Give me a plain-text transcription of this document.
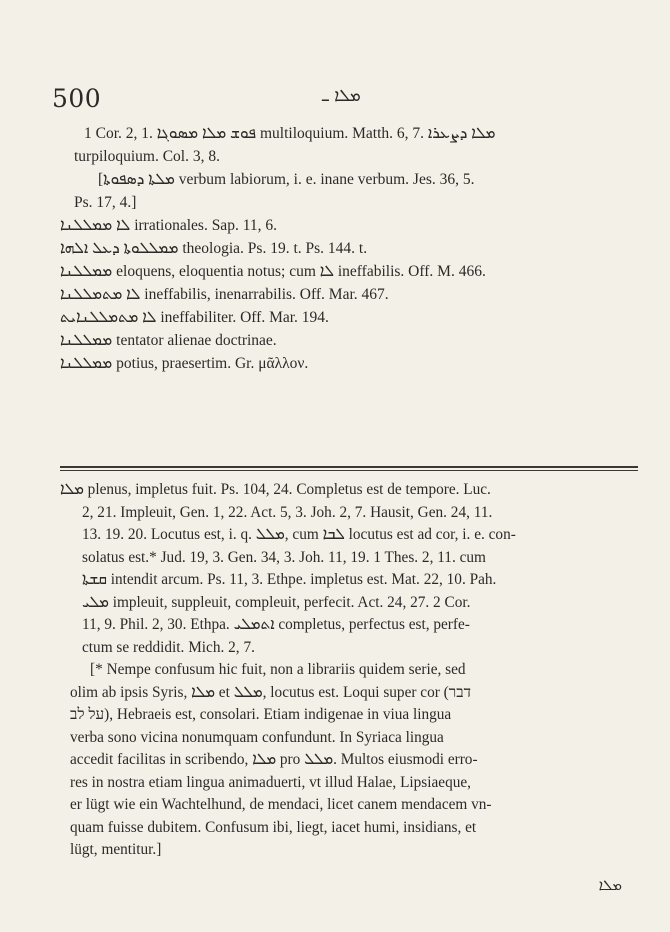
500	ܡܠܐ ـ
1 Cor. 2, 1. ܦܘܫ ܡܠܐ ܡܣܘܓܐ multiloquium. Matth. 6, 7. ܡܠܐ ܕܨܥܪܐ
turpiloquium. Col. 3, 8.
[ܡܠܬܐ ܕܣܦܘܬܐ verbum labiorum, i. e. inane verbum. Jes. 36, 5.
Ps. 17, 4.]
ܠܐ ܡܡܠܠܢܐ irrationales. Sap. 11, 6.
ܡܡܠܠܘܬܐ ܕܥܠ ܐܠܗܐ theologia. Ps. 19. t. Ps. 144. t.
ܡܡܠܠܢܐ eloquens, eloquentia notus; cum ܠܐ ineffabilis. Off. M. 466.
ܠܐ ܡܬܡܠܠܢܐ ineffabilis, inenarrabilis. Off. Mar. 467.
ܠܐ ܡܬܡܠܠܢܐܝܬ ineffabiliter. Off. Mar. 194.
ܡܡܠܠܢܐ tentator alienae doctrinae.
ܡܡܠܠܢܐ potius, praesertim. Gr. μᾶλλον.
ܡܠܐ plenus, impletus fuit. Ps. 104, 24. Completus est de tempore. Luc.
2, 21. Impleuit, Gen. 1, 22. Act. 5, 3. Joh. 2, 7. Hausit, Gen. 24, 11.
13. 19. 20. Locutus est, i. q. ܡܠܠ, cum ܠܒܐ locutus est ad cor, i. e. con-
solatus est.* Jud. 19, 3. Gen. 34, 3. Joh. 11, 19. 1 Thes. 2, 11. cum
ܩܫܬܐ intendit arcum. Ps. 11, 3. Ethpe. impletus est. Mat. 22, 10. Pah.
ܡܠܝ impleuit, suppleuit, compleuit, perfecit. Act. 24, 27. 2 Cor.
11, 9. Phil. 2, 30. Ethpa. ܐܬܡܠܝ completus, perfectus est, perfe-
ctum se reddidit. Mich. 2, 7.
[* Nempe confusum hic fuit, non a librariis quidem serie, sed
olim ab ipsis Syris, ܡܠܐ et ܡܠܠ, locutus est. Loqui super cor (דבר
על לב), Hebraeis est, consolari. Etiam indigenae in viua lingua
verba sono vicina nonumquam confundunt. In Syriaca lingua
accedit facilitas in scribendo, ܡܠܐ pro ܡܠܠ. Multos eiusmodi erro-
res in nostra etiam lingua animaduerti, vt illud Halae, Lipsiaeque,
er lügt wie ein Wachtelhund, de mendaci, licet canem mendacem vn-
quam fuisse dubitem. Confusum ibi, liegt, iacet humi, insidians, et
lügt, mentitur.]
ܡܠܐ
